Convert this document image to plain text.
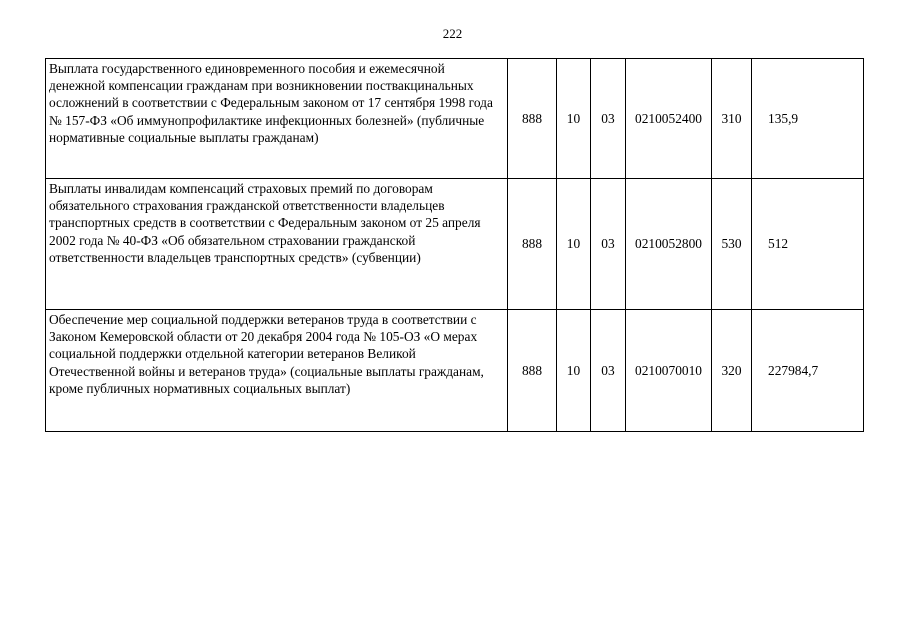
222
Выплата государственного единовременного пособия и ежемесячной денежной компенсации гражданам при возникновении поствакцинальных осложнений в соответствии с Федеральным законом от 17 сентября 1998 года № 157-ФЗ «Об иммунопрофилактике инфекционных болезней» (публичные нормативные социальные выплаты гражданам)	888	10	03	0210052400	310	135,9
Выплаты инвалидам компенсаций страховых премий по договорам обязательного страхования гражданской ответственности владельцев транспортных средств в соответствии с Федеральным законом от 25 апреля 2002 года № 40-ФЗ «Об обязательном страховании гражданской ответственности владельцев транспортных средств» (субвенции)	888	10	03	0210052800	530	512
Обеспечение мер социальной поддержки ветеранов труда в соответствии с Законом Кемеровской области от 20 декабря 2004 года № 105-ОЗ «О мерах социальной поддержки отдельной категории ветеранов Великой Отечественной войны и ветеранов труда» (социальные выплаты гражданам, кроме публичных нормативных социальных выплат)	888	10	03	0210070010	320	227984,7
